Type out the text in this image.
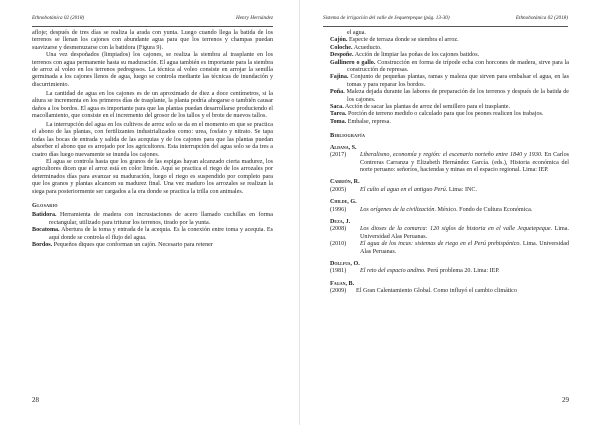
Ethnobotánica 02 (2018)	Henry Hernández

afloje; después de tres días se realiza la arada con yunta. Luego cuando llega la batida de los terrenos se llenan los cajones con abundante agua para que los terrenos y champas puedan suavizarse y desmenuzarse con la batidora (Figura 9).

Una vez despoñados (limpiados) los cajones, se realiza la siembra al trasplante en los terrenos con agua permanente hasta su maduración. El agua también es importante para la siembra de arroz al voleo en los terrenos pedregosos. La técnica al voleo consiste en arrojar la semilla germinada a los cajones llenos de agua, luego se controla mediante las técnicas de inundación y discurrimiento.

La cantidad de agua en los cajones es de un aproximado de diez a doce centímetros, si la altura se incrementa en los primeros días de trasplante, la planta podría ahogarse o también causar daños a los bordos. El agua es importante para que las plantas puedan desarrollarse produciendo el macollamiento, que consiste en el incremento del grosor de los tallos y el brote de nuevos tallos.

La interrupción del agua en los cultivos de arroz solo se da en el momento en que se practica el abono de las plantas, con fertilizantes industrializados como: urea, fosfato y nitrato. Se tapa todas las bocas de entrada y salida de las acequias y de los cajones para que las plantas puedan absorber el abono que es arrojado por los agricultores. Esta interrupción del agua solo se da tres a cuatro días luego nuevamente se inunda los cajones.

El agua se controla hasta que los granos de las espigas hayan alcanzado cierta madurez, los agricultores dicen que el arroz está en color limón. Aquí se practica el riego de los arrozales por determinados días para avanzar su maduración, luego el riego es suspendido por completo para que los granos y plantas alcancen su madurez final. Una vez maduro los arrozales se realizan la siega para posteriormente ser cargados a la era donde se practica la trilla con animales.

Glosario

Batidora. Herramienta de madera con incrustaciones de acero llamado cuchillas en forma rectangular, utilizado para triturar los terrenos, tirado por la yunta.

Bocatoma. Abertura de la toma y entrada de la acequia. Es la conexión entre toma y acequia. Es aquí donde se controla el flujo del agua.

Bordos. Pequeños diques que conforman un cajón. Necesario para retener

28
Sistema de irrigación del valle de Jequetepeque (pág. 13-30)	Ethnobotánica 02 (2018)

el agua.

Cajón. Especie de terraza donde se siembra el arroz.

Coloche. Acueducto.

Despoñe. Acción de limpiar las poñas de los cajones batidos.

Gallinero o gallo. Construcción en forma de trípode echa con horcones de madera, sirve para la construcción de represas.

Fajina. Conjunto de pequeñas plantas, ramas y maleza que sirven para embalsar el agua, en las tomas y para reparar los bordos.

Poña. Maleza dejada durante las labores de preparación de los terrenos y después de la batida de los cajones.

Saca. Acción de sacar las plantas de arroz del semillero para el trasplante.

Tarea. Porción de terreno medido o calculado para que los peones realicen los trabajos.

Toma. Embalse, represa.

Bibliografía

Aldana, S.

(2017)	Liberalismo, economía y región: el escenario norteño entre 1840 y 1930. En Carlos Contreras Carranza y Elizabeth Hernández García. (eds.), Historia económica del norte peruano: señoríos, haciendas y minas en el espacio regional. Lima: IEP.

Carrión, R.

(2005)	El culto al agua en el antiguo Perú. Lima: INC.

Childe, G.

(1996)	Los orígenes de la civilización. México. Fondo de Cultura Económica.

Deza, J.

(2008)	Los dioses de la comarca: 120 siglos de historia en el valle Jequetepeque. Lima. Universidad Alas Peruanas.
(2010)	El agua de los incas: sistemas de riego en el Perú prehispánico. Lima. Universidad Alas Peruanas.

Dollfus, O.

(1981)	El reto del espacio andino. Perú problema 20. Lima: IEP.

Fagan, B.

(2009)	El Gran Calentamiento Global. Como influyó el cambio climático
29
